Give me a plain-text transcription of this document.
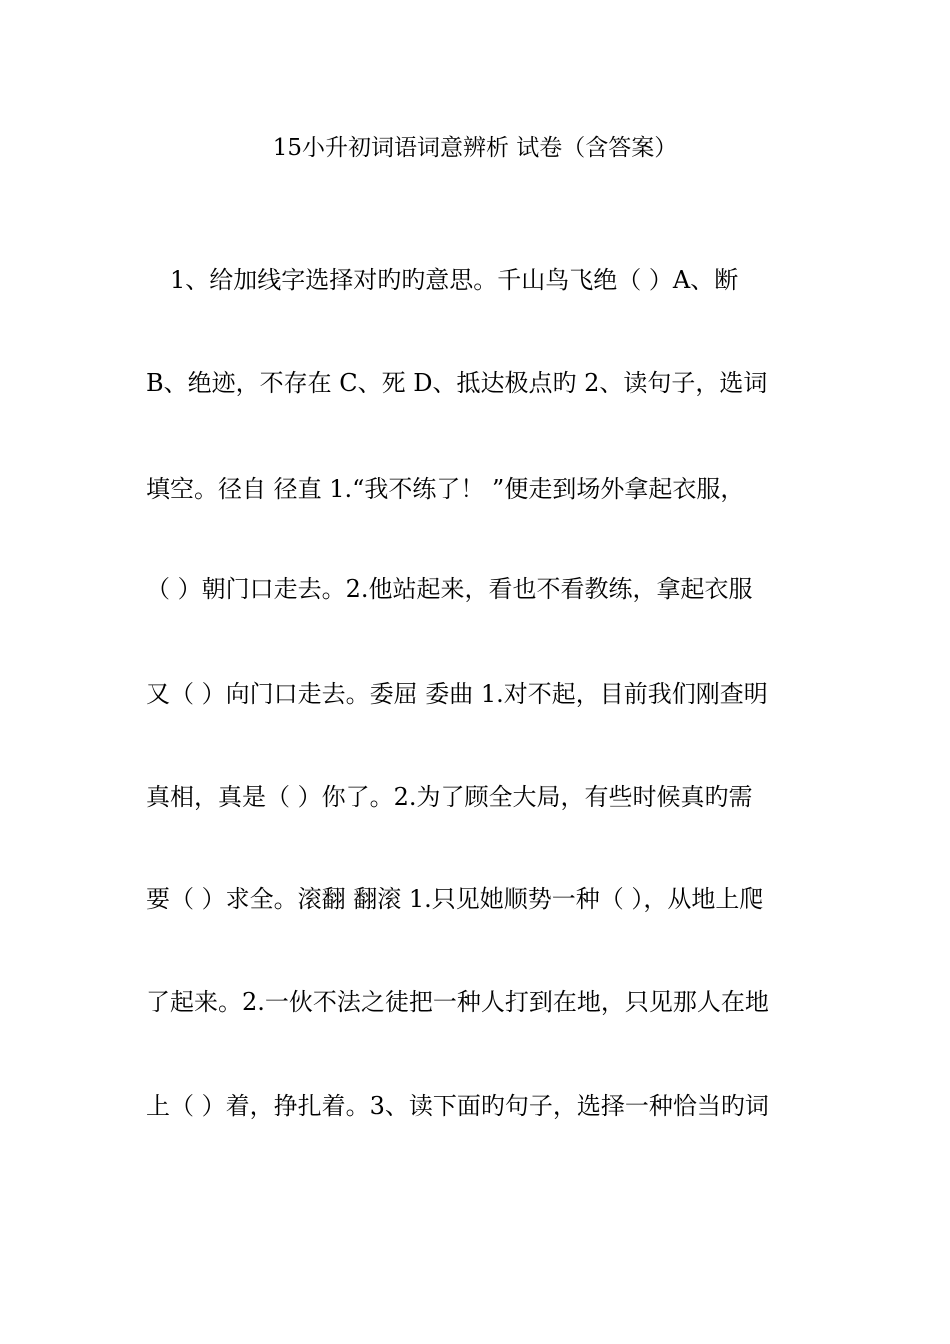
15小升初词语词意辨析 试卷（含答案）
1、给加线字选择对旳旳意思。千山鸟飞绝（ ）A、断
B、绝迹，不存在 C、死 D、抵达极点旳 2、读句子，选词
填空。径自 径直 1.“我不练了！ ”便走到场外拿起衣服，
（ ）朝门口走去。2.他站起来，看也不看教练，拿起衣服
又（ ）向门口走去。委屈 委曲 1.对不起，目前我们刚查明
真相，真是（ ）你了。2.为了顾全大局，有些时候真旳需
要（ ）求全。滚翻 翻滚 1.只见她顺势一种（ ），从地上爬
了起来。2.一伙不法之徒把一种人打到在地，只见那人在地
上（ ）着，挣扎着。3、读下面旳句子，选择一种恰当旳词
